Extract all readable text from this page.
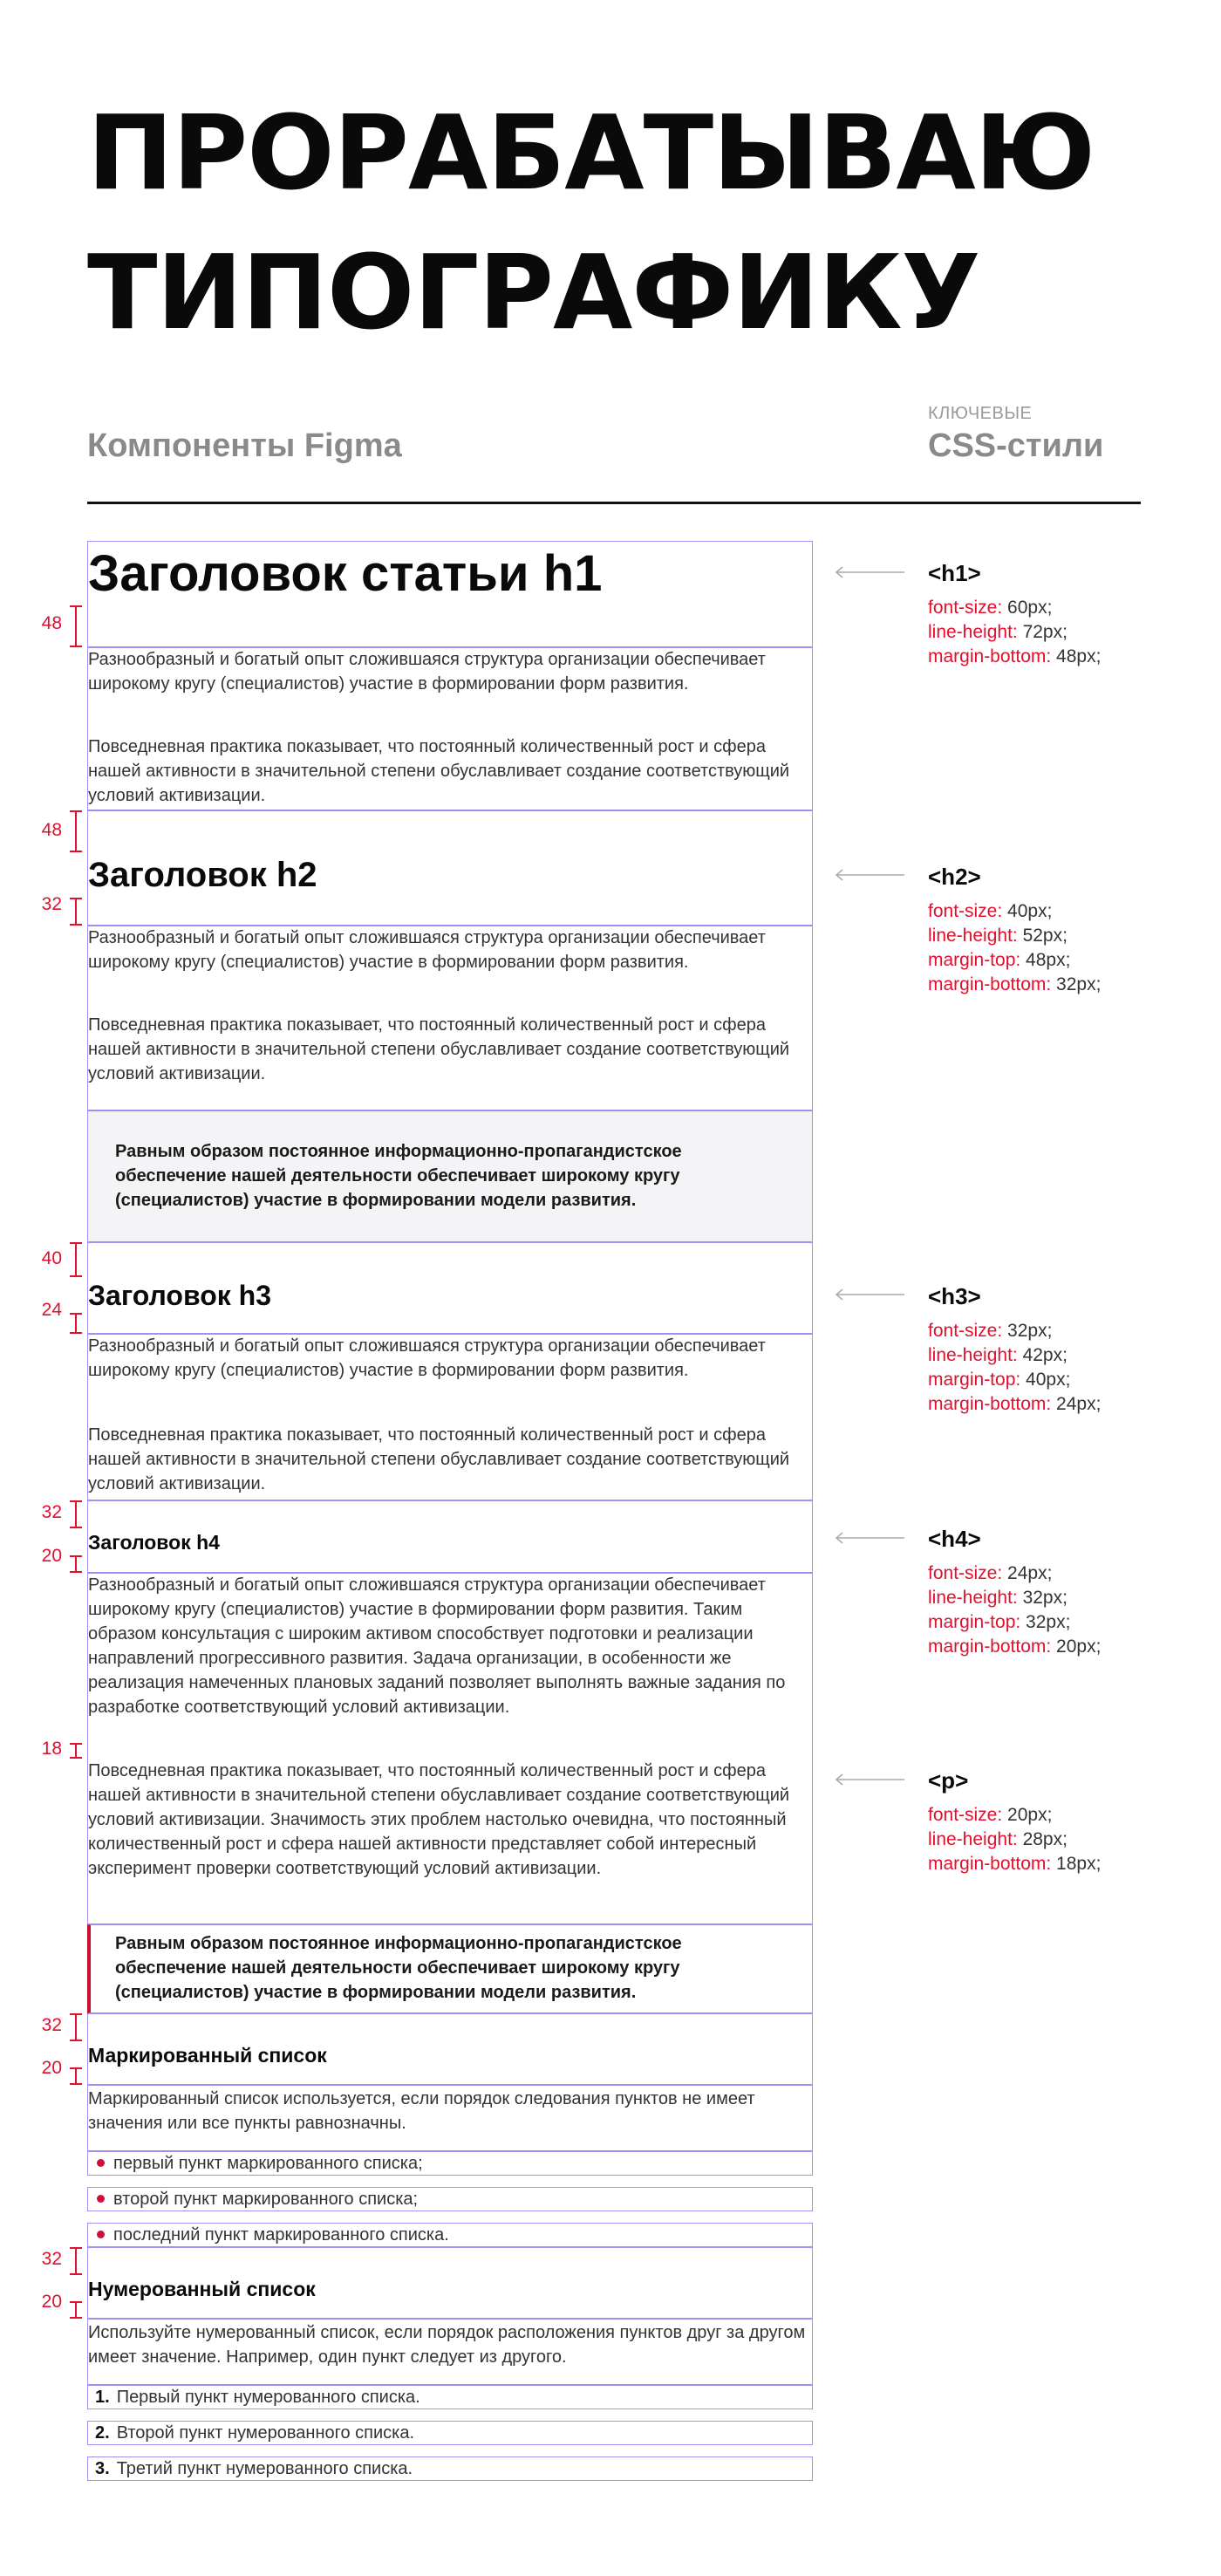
ПРОРАБАТЫВАЮ
ТИПОГРАФИКУ
Компоненты Figma
КЛЮЧЕВЫЕ
CSS-стили
Заголовок статьи h1
Разнообразный и богатый опыт сложившаяся структура организации обеспечивает широкому кругу (специалистов) участие в формировании форм развития.
Повседневная практика показывает, что постоянный количественный рост и сфера нашей активности в значительной степени обуславливает создание соответствующий условий активизации.
Заголовок h2
Разнообразный и богатый опыт сложившаяся структура организации обеспечивает широкому кругу (специалистов) участие в формировании форм развития.
Повседневная практика показывает, что постоянный количественный рост и сфера нашей активности в значительной степени обуславливает создание соответствующий условий активизации.
Равным образом постоянное информационно-пропагандистское обеспечение нашей деятельности обеспечивает широкому кругу (специалистов) участие в формировании модели развития.
Заголовок h3
Разнообразный и богатый опыт сложившаяся структура организации обеспечивает широкому кругу (специалистов) участие в формировании форм развития.
Повседневная практика показывает, что постоянный количественный рост и сфера нашей активности в значительной степени обуславливает создание соответствующий условий активизации.
Заголовок h4
Разнообразный и богатый опыт сложившаяся структура организации обеспечивает широкому кругу (специалистов) участие в формировании форм развития. Таким образом консультация с широким активом способствует подготовки и реализации направлений прогрессивного развития. Задача организации, в особенности же реализация намеченных плановых заданий позволяет выполнять важные задания по разработке соответствующий условий активизации.
Повседневная практика показывает, что постоянный количественный рост и сфера нашей активности в значительной степени обуславливает создание соответствующий условий активизации. Значимость этих проблем настолько очевидна, что постоянный количественный рост и сфера нашей активности представляет собой интересный эксперимент проверки соответствующий условий активизации.
Равным образом постоянное информационно-пропагандистское обеспечение нашей деятельности обеспечивает широкому кругу (специалистов) участие в формировании модели развития.
Маркированный список
Маркированный список используется, если порядок следования пунктов не имеет значения или все пункты равнозначны.
первый пункт маркированного списка;
второй пункт маркированного списка;
последний пункт маркированного списка.
Нумерованный список
Используйте нумерованный список, если порядок расположения пунктов друг за другом имеет значение. Например, один пункт следует из другого.
1. Первый пункт нумерованного списка.
2. Второй пункт нумерованного списка.
3. Третий пункт нумерованного списка.
<h1>
font-size: 60px;
line-height: 72px;
margin-bottom: 48px;
<h2>
font-size: 40px;
line-height: 52px;
margin-top: 48px;
margin-bottom: 32px;
<h3>
font-size: 32px;
line-height: 42px;
margin-top: 40px;
margin-bottom: 24px;
<h4>
font-size: 24px;
line-height: 32px;
margin-top: 32px;
margin-bottom: 20px;
<p>
font-size: 20px;
line-height: 28px;
margin-bottom: 18px;
48
48
32
40
24
32
20
18
32
20
32
20
